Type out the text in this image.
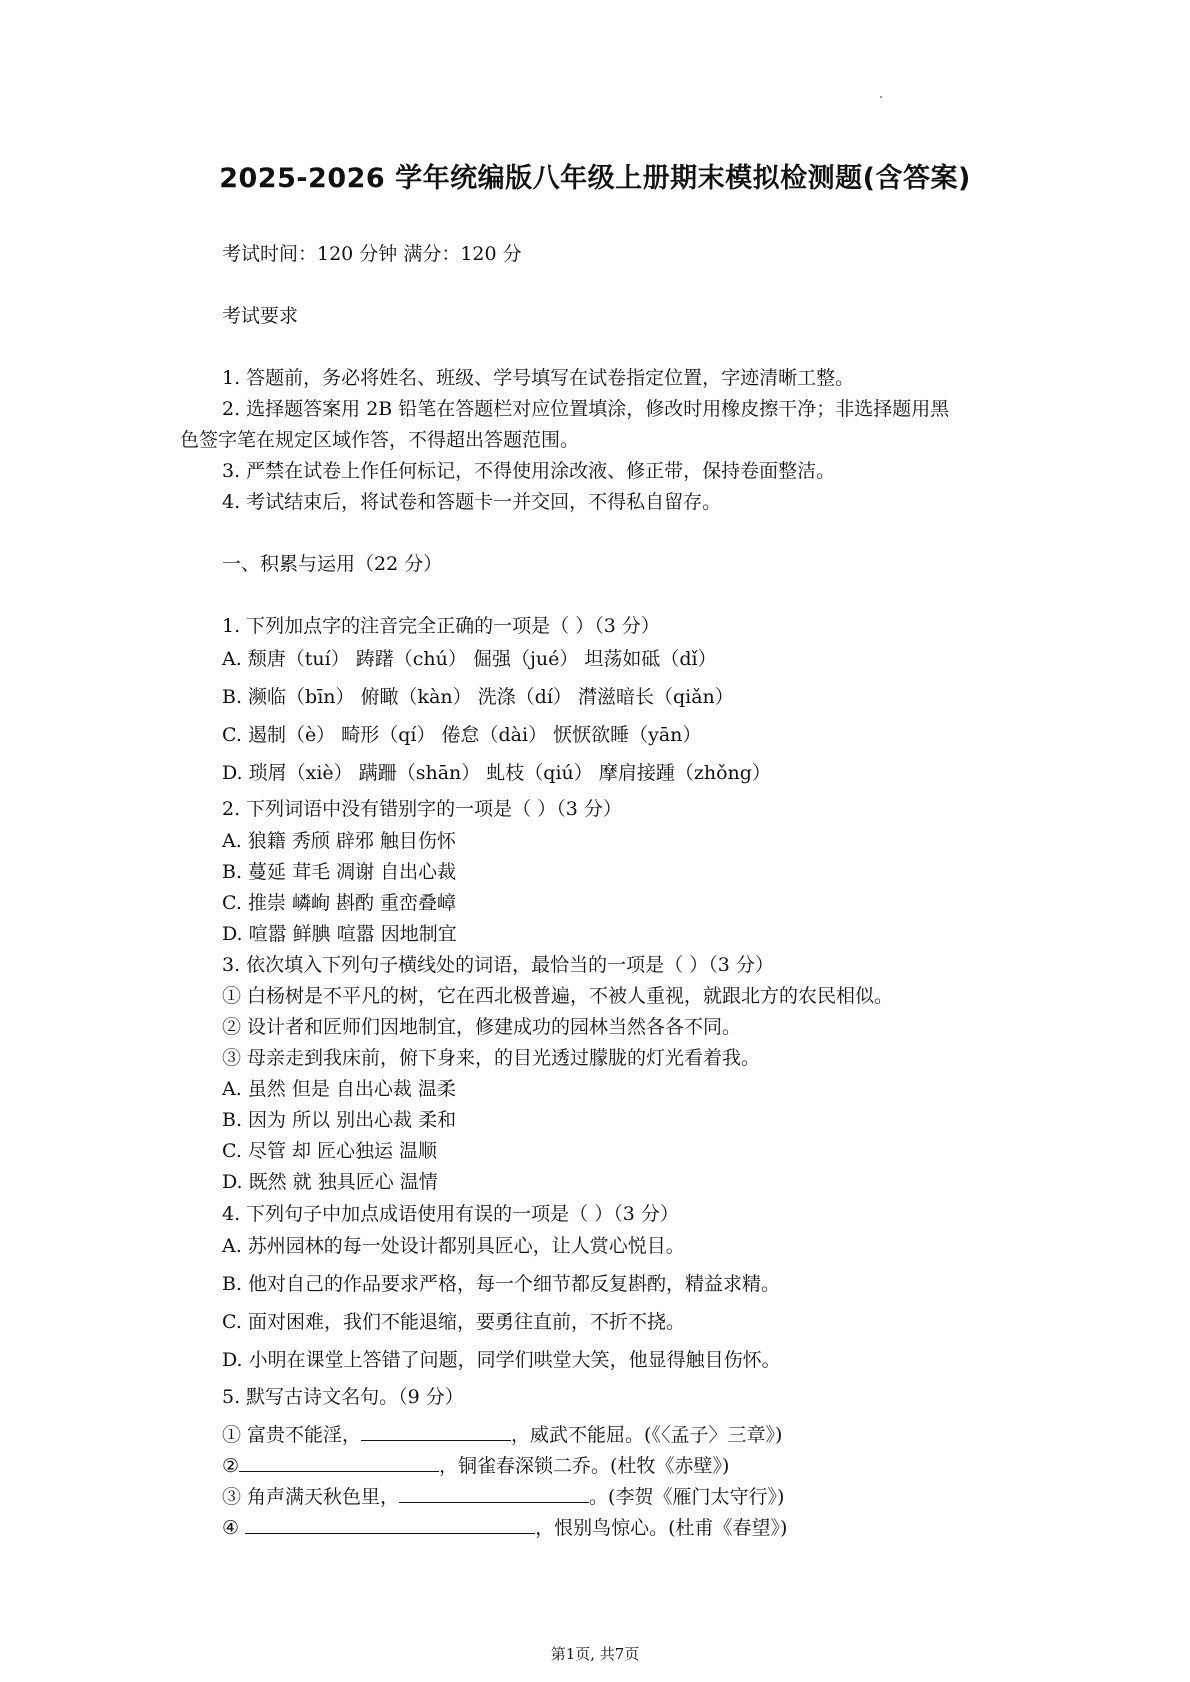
2025-2026 学年统编版八年级上册期末模拟检测题(含答案)
考试时间：120 分钟 满分：120 分
考试要求
1. 答题前，务必将姓名、班级、学号填写在试卷指定位置，字迹清晰工整。
2. 选择题答案用 2B 铅笔在答题栏对应位置填涂，修改时用橡皮擦干净；非选择题用黑
色签字笔在规定区域作答，不得超出答题范围。
3. 严禁在试卷上作任何标记，不得使用涂改液、修正带，保持卷面整洁。
4. 考试结束后，将试卷和答题卡一并交回，不得私自留存。
一、积累与运用（22 分）
1. 下列加点字的注音完全正确的一项是（ ）（3 分）
A. 颓唐（tuí） 踌躇（chú） 倔强（jué） 坦荡如砥（dǐ）
B. 濒临（bīn） 俯瞰（kàn） 洗涤（dí） 潸滋暗长（qiǎn）
C. 遏制（è） 畸形（qí） 倦怠（dài） 恹恹欲睡（yān）
D. 琐屑（xiè） 蹒跚（shān） 虬枝（qiú） 摩肩接踵（zhǒng）
2. 下列词语中没有错别字的一项是（ ）（3 分）
A. 狼籍 秀颀 辟邪 触目伤怀
B. 蔓延 茸毛 凋谢 自出心裁
C. 推崇 嶙峋 斟酌 重峦叠嶂
D. 喧嚣 鲜腆 喧嚣 因地制宜
3. 依次填入下列句子横线处的词语，最恰当的一项是（ ）（3 分）
① 白杨树是不平凡的树，它在西北极普遍，不被人重视，就跟北方的农民相似。
② 设计者和匠师们因地制宜，修建成功的园林当然各各不同。
③ 母亲走到我床前，俯下身来，的目光透过朦胧的灯光看着我。
A. 虽然 但是 自出心裁 温柔
B. 因为 所以 别出心裁 柔和
C. 尽管 却 匠心独运 温顺
D. 既然 就 独具匠心 温情
4. 下列句子中加点成语使用有误的一项是（ ）（3 分）
A. 苏州园林的每一处设计都别具匠心，让人赏心悦目。
B. 他对自己的作品要求严格，每一个细节都反复斟酌，精益求精。
C. 面对困难，我们不能退缩，要勇往直前，不折不挠。
D. 小明在课堂上答错了问题，同学们哄堂大笑，他显得触目伤怀。
5. 默写古诗文名句。（9 分）
① 富贵不能淫，	，威武不能屈。(《〈孟子〉三章》)
②	，铜雀春深锁二乔。(杜牧《赤壁》)
③ 角声满天秋色里，	。(李贺《雁门太守行》)
④	，恨别鸟惊心。(杜甫《春望》)
第1页, 共7页
